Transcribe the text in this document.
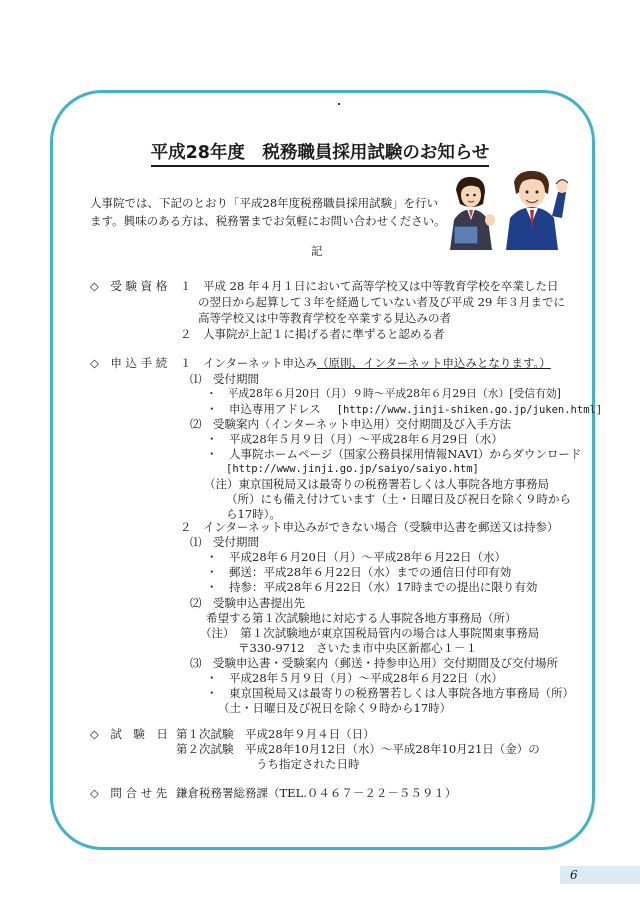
平成28年度　税務職員採用試験のお知らせ
人事院では、下記のとおり「平成28年度税務職員採用試験」を行い
ます。興味のある方は、税務署までお気軽にお問い合わせください。
記
◇　受 験 資 格 １　平成 28 年４月１日において高等学校又は中等教育学校を卒業した日
の翌日から起算して３年を経過していない者及び平成 29 年３月までに
高等学校又は中等教育学校を卒業する見込みの者
２　人事院が上記１に掲げる者に準ずると認める者
◇　申 込 手 続 １　インターネット申込み（原則、インターネット申込みとなります。）
⑴　受付期間
・　平成28年６月20日（月）９時～平成28年６月29日（水）[受信有効]
・　申込専用アドレス [http://www.jinji-shiken.go.jp/juken.html]
⑵　受験案内（インターネット申込用）交付期間及び入手方法
・　平成28年５月９日（月）～平成28年６月29日（水）
・　人事院ホームページ（国家公務員採用情報NAVI）からダウンロード
[http://www.jinji.go.jp/saiyo/saiyo.htm]
（注）東京国税局又は最寄りの税務署若しくは人事院各地方事務局
（所）にも備え付けています（土・日曜日及び祝日を除く９時から
ら17時）。
２　インターネット申込みができない場合（受験申込書を郵送又は持参）
⑴　受付期間
・　平成28年６月20日（月）～平成28年６月22日（水）
・　郵送：平成28年６月22日（水）までの通信日付印有効
・　持参：平成28年６月22日（水）17時までの提出に限り有効
⑵　受験申込書提出先
希望する第１次試験地に対応する人事院各地方事務局（所）
（注）　第１次試験地が東京国税局管内の場合は人事院関東事務局
〒330-9712　さいたま市中央区新都心１－１
⑶　受験申込書・受験案内（郵送・持参申込用）交付期間及び交付場所
・　平成28年５月９日（月）～平成28年６月22日（水）
・　東京国税局又は最寄りの税務署若しくは人事院各地方事務局（所）
（土・日曜日及び祝日を除く９時から17時）
◇　試　験　日 第１次試験　平成28年９月４日（日）
第２次試験　平成28年10月12日（水）～平成28年10月21日（金）の
うち指定された日時
◇　問 合 せ 先 鎌倉税務署総務課（TEL.０４６７－２２－５５９１）
6
